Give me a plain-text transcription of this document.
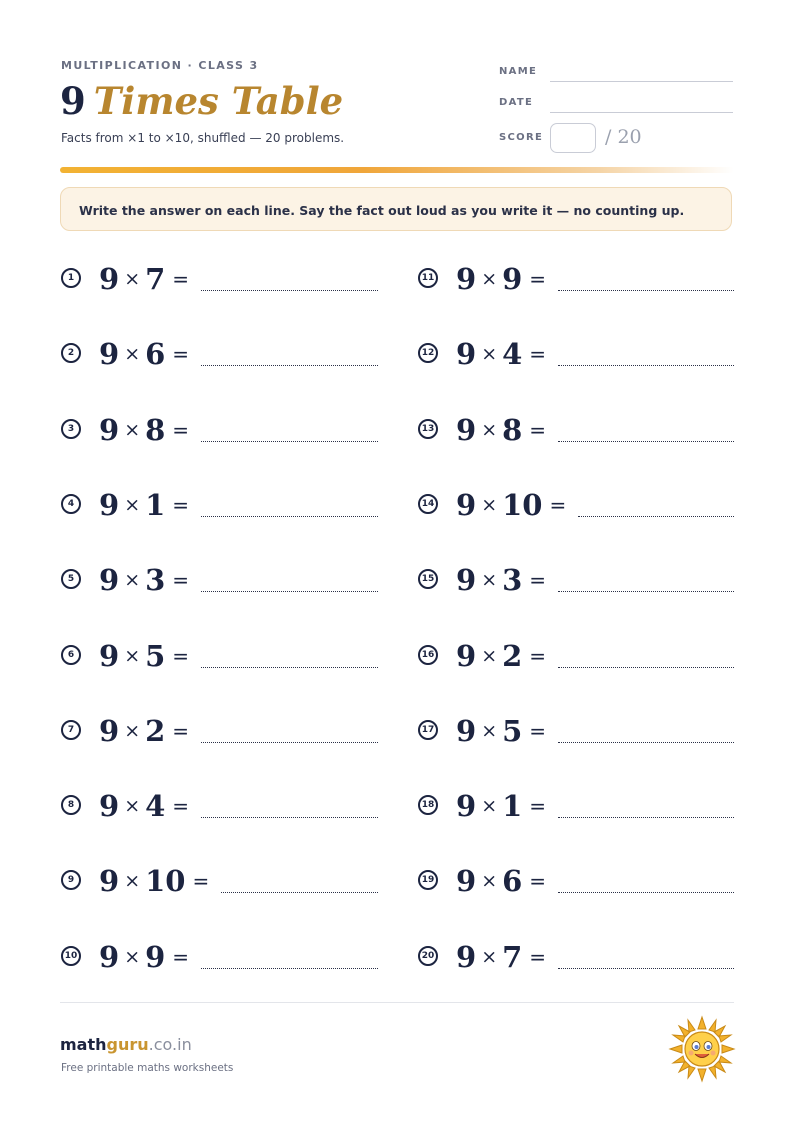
MULTIPLICATION · CLASS 3
9 Times Table
Facts from ×1 to ×10, shuffled — 20 problems.
NAME
DATE
SCORE	/ 20
Write the answer on each line. Say the fact out loud as you write it — no counting up.
1 9 × 7 =
2 9 × 6 =
3 9 × 8 =
4 9 × 1 =
5 9 × 3 =
6 9 × 5 =
7 9 × 2 =
8 9 × 4 =
9 9 × 10 =
10 9 × 9 =
11 9 × 9 =
12 9 × 4 =
13 9 × 8 =
14 9 × 10 =
15 9 × 3 =
16 9 × 2 =
17 9 × 5 =
18 9 × 1 =
19 9 × 6 =
20 9 × 7 =
mathguru.co.in
Free printable maths worksheets
